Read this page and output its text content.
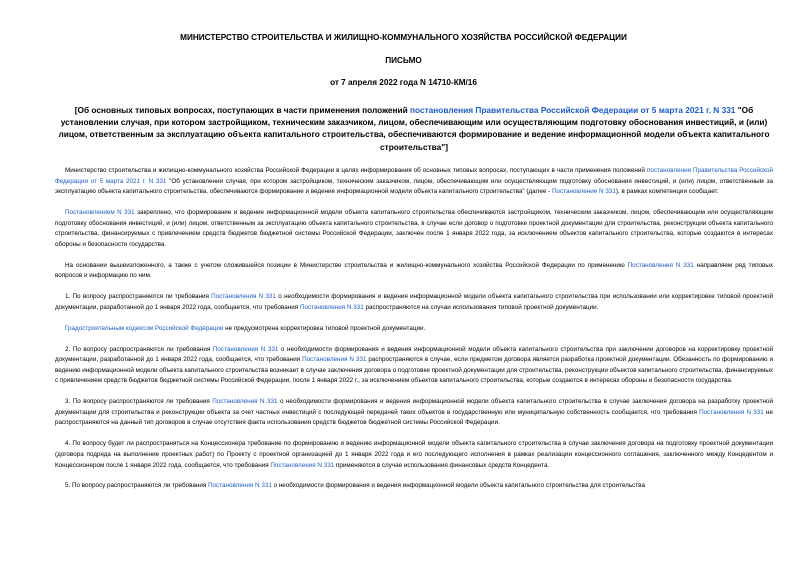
МИНИСТЕРСТВО СТРОИТЕЛЬСТВА И ЖИЛИЩНО-КОММУНАЛЬНОГО ХОЗЯЙСТВА РОССИЙСКОЙ ФЕДЕРАЦИИ
ПИСЬМО
от 7 апреля 2022 года N 14710-КМ/16
[Об основных типовых вопросах, поступающих в части применения положений постановления Правительства Российской Федерации от 5 марта 2021 г. N 331 "Об установлении случая, при котором застройщиком, техническим заказчиком, лицом, обеспечивающим или осуществляющим подготовку обоснования инвестиций, и (или) лицом, ответственным за эксплуатацию объекта капитального строительства, обеспечиваются формирование и ведение информационной модели объекта капитального строительства"]

Министерство строительства и жилищно-коммунального хозяйства Российской Федерации в целях информирования об основных типовых вопросах, поступающих в части применения положений постановления Правительства Российской Федерации от 5 марта 2021 г. N 331 "Об установлении случая, при котором застройщиком, техническим заказчиком, лицом, обеспечивающим или осуществляющим подготовку обоснования инвестиций, и (или) лицом, ответственным за эксплуатацию объекта капитального строительства, обеспечиваются формирование и ведение информационной модели объекта капитального строительства" (далее - Постановление N 331), в рамках компетенции сообщает.

Постановлением N 331 закреплено, что формирование и ведение информационной модели объекта капитального строительства обеспечиваются застройщиком, техническим заказчиком, лицом, обеспечивающим или осуществляющим подготовку обоснования инвестиций, и (или) лицом, ответственным за эксплуатацию объекта капитального строительства, в случае если договор о подготовке проектной документации для строительства, реконструкции объекта капитального строительства, финансируемых с привлечением средств бюджетов бюджетной системы Российской Федерации, заключен после 1 января 2022 года, за исключением объектов капитального строительства, которые создаются в интересах обороны и безопасности государства.

На основании вышеизложенного, а также с учетом сложившейся позиции в Министерстве строительства и жилищно-коммунального хозяйства Российской Федерации по применению Постановления N 331 направляем ряд типовых вопросов и информацию по ним.

1. По вопросу распространяются ли требования Постановления N 331 о необходимости формирования и ведения информационной модели объекта капитального строительства при использовании или корректировке типовой проектной документации, разработанной до 1 января 2022 года, сообщается, что требования Постановления N 331 распространяются на случаи использования типовой проектной документации.

Градостроительным кодексом Российской Федерации не предусмотрена корректировка типовой проектной документации.

2. По вопросу распространяются ли требования Постановления N 331 о необходимости формирования и ведения информационной модели объекта капитального строительства при заключении договоров на корректировку проектной документации, разработанной до 1 января 2022 года, сообщается, что требования Постановления N 331 распространяются в случае, если предметом договора является разработка проектной документации. Обязанность по формированию и ведению информационной модели объекта капитального строительства возникает в случае заключения договора о подготовке проектной документации для строительства, реконструкции объектов капитального строительства, финансируемых с привлечением средств бюджетов бюджетной системы Российской Федерации, после 1 января 2022 г., за исключением объектов капитального строительства, которые создаются в интересах обороны и безопасности государства.

3. По вопросу распространяются ли требования Постановления N 331 о необходимости формирования и ведения информационной модели объекта капитального строительства в случае заключения договора на разработку проектной документации для строительства и реконструкции объекта за счет частных инвестиций с последующей передачей таких объектов в государственную или муниципальную собственность сообщается, что требования Постановления N 331 не распространяются на данный тип договоров в случае отсутствия факта использования средств бюджетов бюджетной системы Российской Федерации.

4. По вопросу будет ли распространяться на Концессионера требование по формированию и ведению информационной модели объекта капитального строительства в случае заключения договора на подготовку проектной документации (договора подряда на выполнение проектных работ) по Проекту с проектной организацией до 1 января 2022 года и его последующего исполнения в рамках реализации концессионного соглашения, заключенного между Концедентом и Концессионером после 1 января 2022 года, сообщается, что требования Постановления N 331 применяются в случае использования финансовых средств Концедента.

5. По вопросу распространяются ли требования Постановления N 331 о необходимости формирования и ведения информационной модели объекта капитального строительства для строительства
